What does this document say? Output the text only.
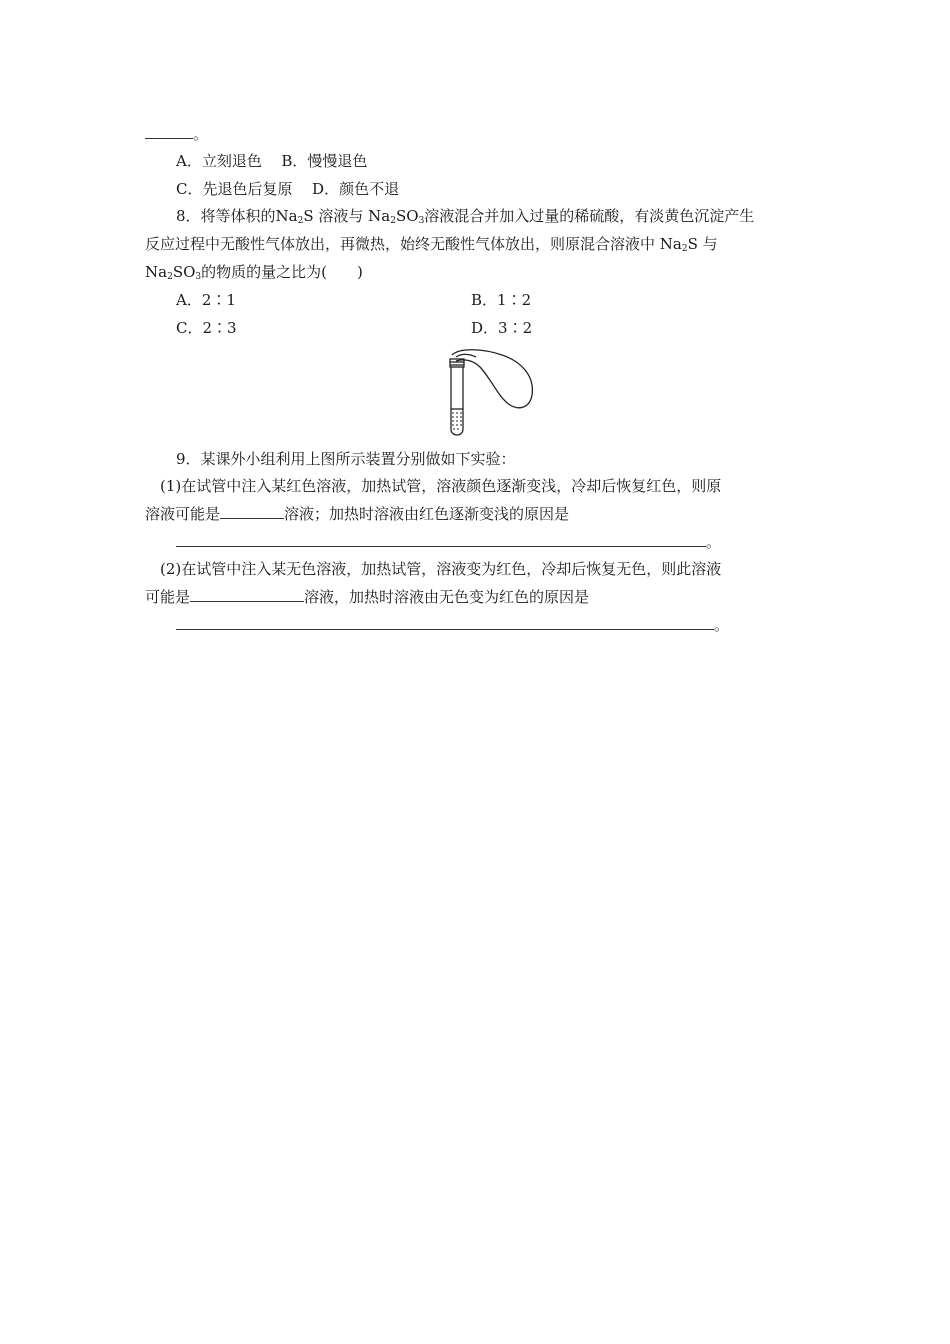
。
A．立刻退色 B．慢慢退色
C．先退色后复原 D．颜色不退
8．将等体积的$Na_2S$ 溶液与 $Na_2SO_3$溶液混合并加入过量的稀硫酸，有淡黄色沉淀产生
反应过程中无酸性气体放出，再微热，始终无酸性气体放出，则原混合溶液中 $Na_2S$ 与
$Na_2SO_3$的物质的量之比为(　　)
A．2∶1	B．1∶2
C．2∶3	D．3∶2
9．某课外小组利用上图所示装置分别做如下实验：
(1)在试管中注入某红色溶液，加热试管，溶液颜色逐渐变浅，冷却后恢复红色，则原
溶液可能是	溶液；加热时溶液由红色逐渐变浅的原因是
。
(2)在试管中注入某无色溶液，加热试管，溶液变为红色，冷却后恢复无色，则此溶液
可能是	溶液，加热时溶液由无色变为红色的原因是
。
